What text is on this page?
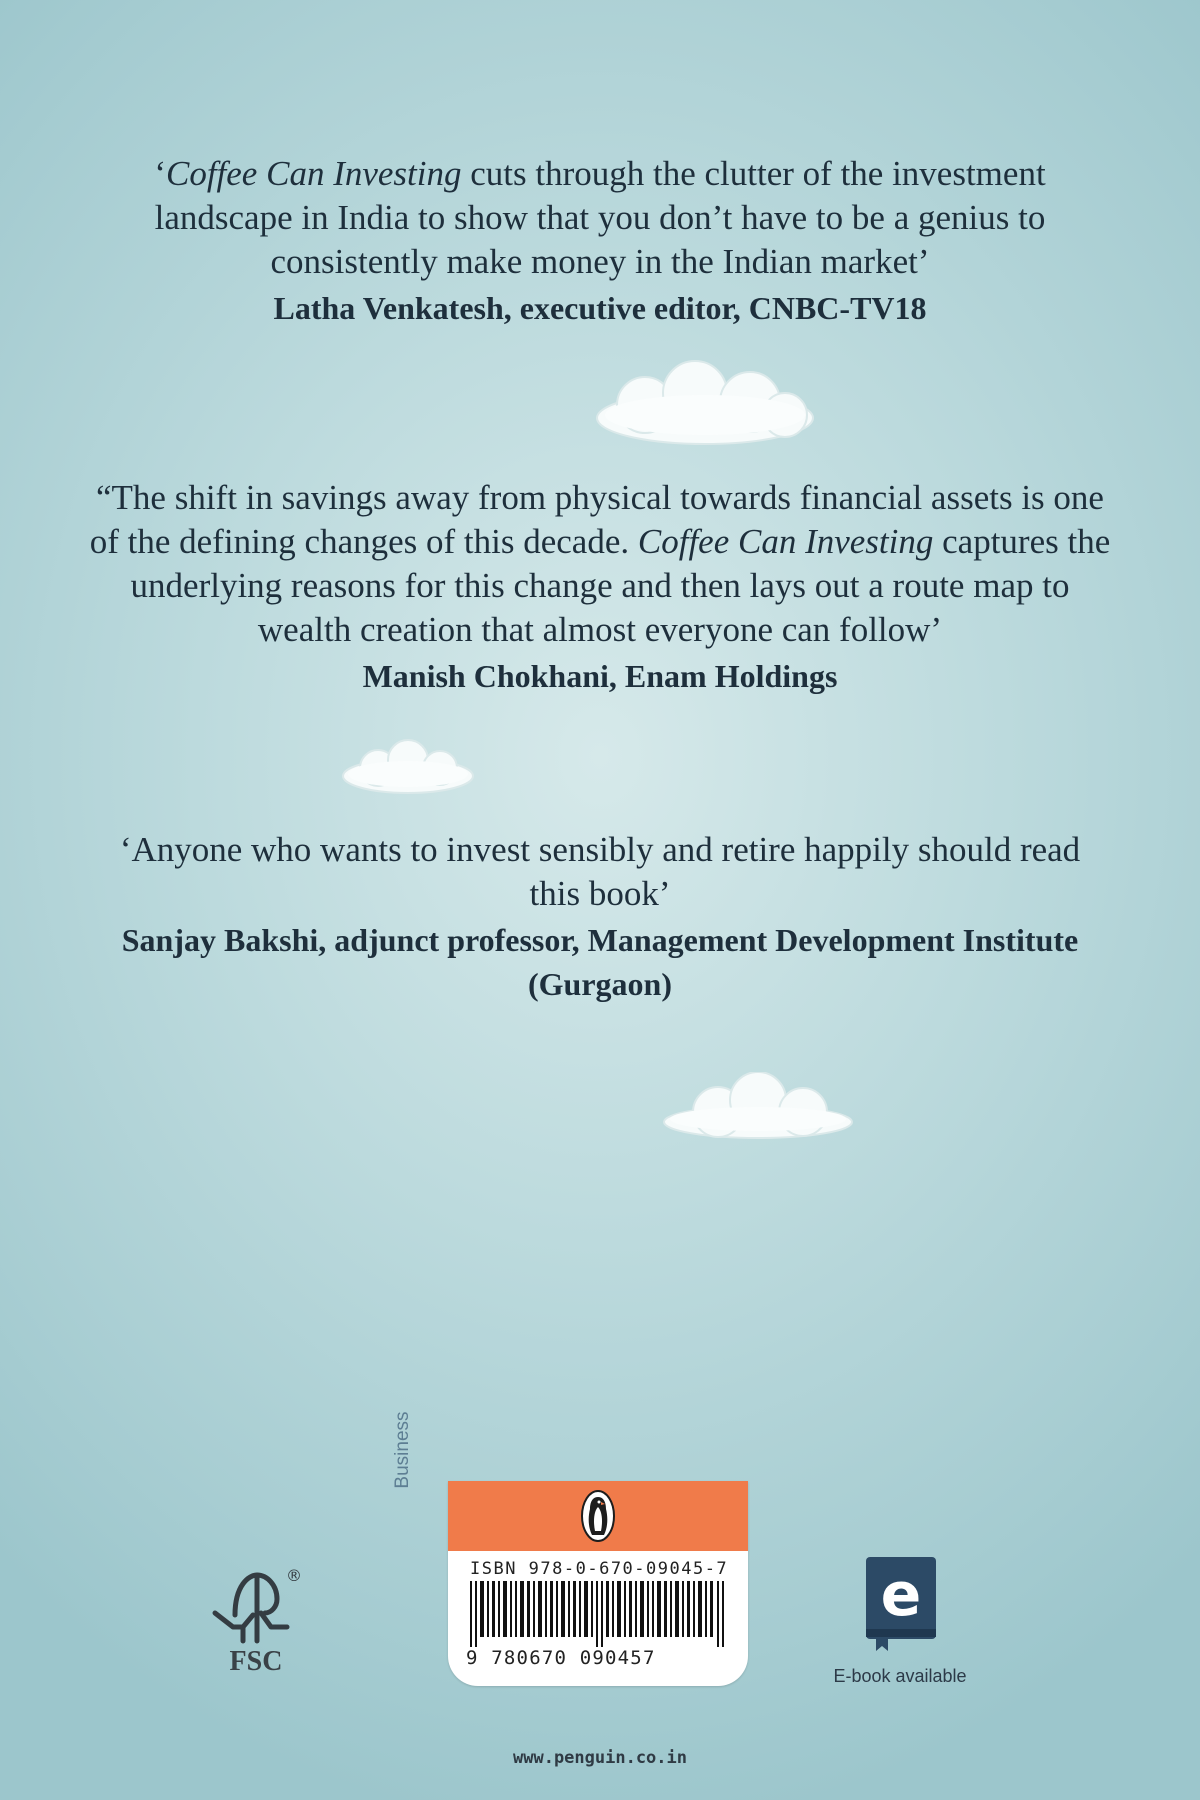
‘Coffee Can Investing cuts through the clutter of the investment landscape in India to show that you don’t have to be a genius to consistently make money in the Indian market’

Latha Venkatesh, executive editor, CNBC-TV18

“The shift in savings away from physical towards financial assets is one of the defining changes of this decade. Coffee Can Investing captures the underlying reasons for this change and then lays out a route map to wealth creation that almost everyone can follow’

Manish Chokhani, Enam Holdings

‘Anyone who wants to invest sensibly and retire happily should read this book’

Sanjay Bakshi, adjunct professor, Management Development Institute (Gurgaon)

®
FSC
Business
ISBN 978-0-670-09045-7
9 780670 090457
www.penguin.co.in
e
E-book available
